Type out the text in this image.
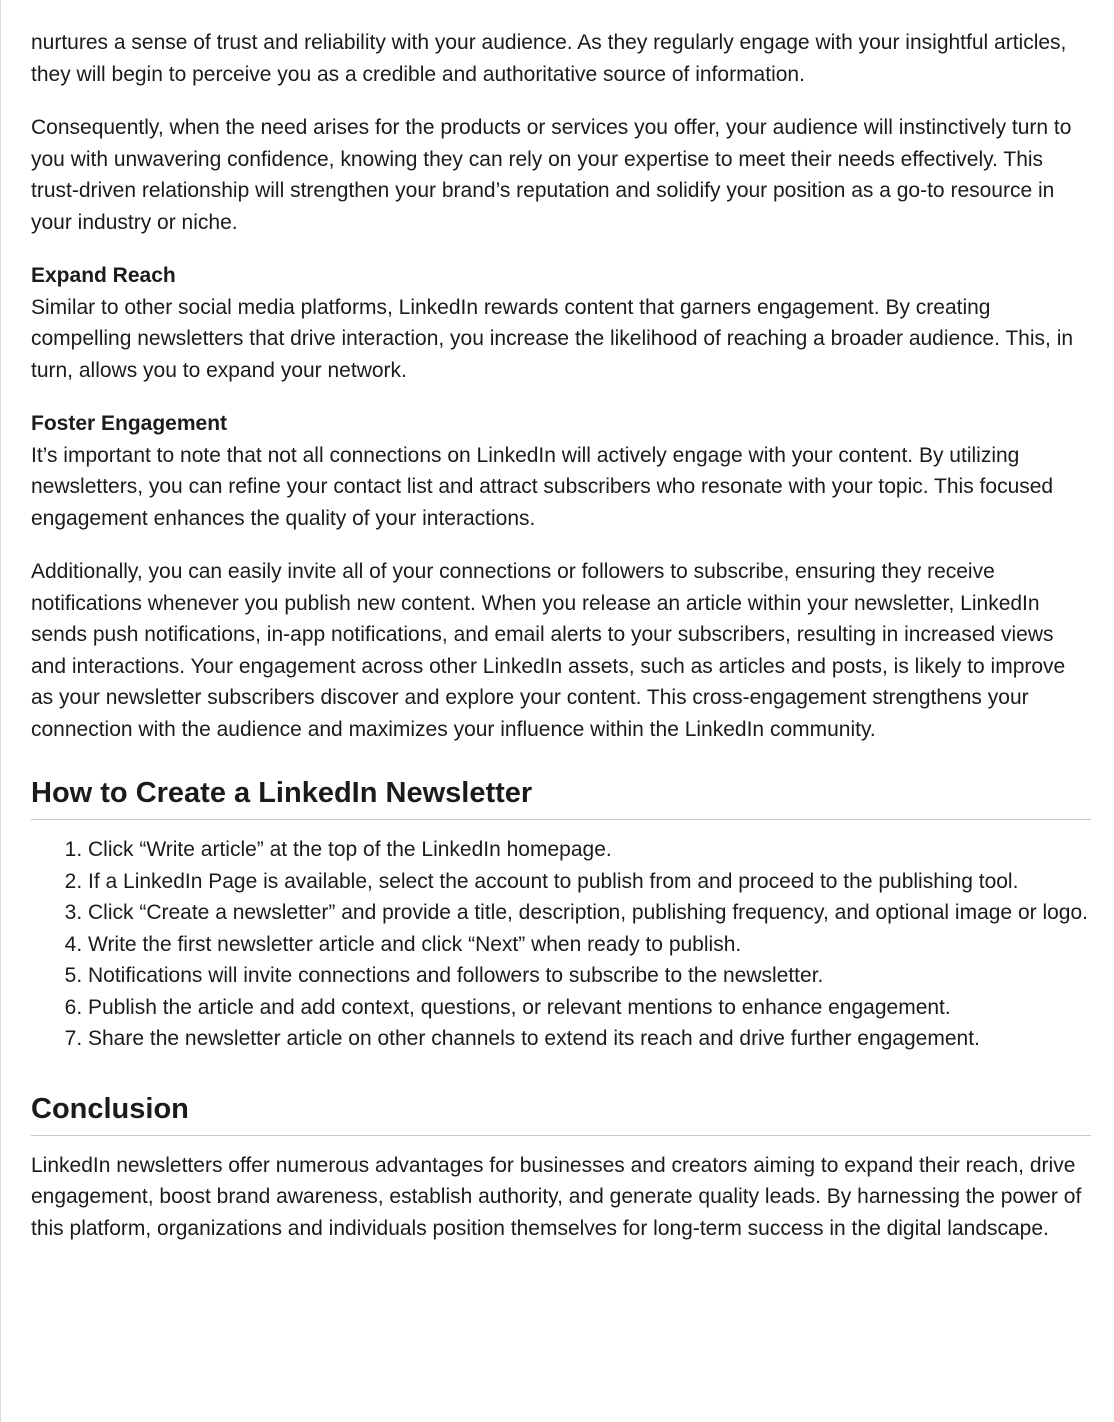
nurtures a sense of trust and reliability with your audience. As they regularly engage with your insightful articles, they will begin to perceive you as a credible and authoritative source of information.

Consequently, when the need arises for the products or services you offer, your audience will instinctively turn to you with unwavering confidence, knowing they can rely on your expertise to meet their needs effectively. This trust-driven relationship will strengthen your brand’s reputation and solidify your position as a go-to resource in your industry or niche.

Expand Reach
Similar to other social media platforms, LinkedIn rewards content that garners engagement. By creating compelling newsletters that drive interaction, you increase the likelihood of reaching a broader audience. This, in turn, allows you to expand your network.
Foster Engagement
It’s important to note that not all connections on LinkedIn will actively engage with your content. By utilizing newsletters, you can refine your contact list and attract subscribers who resonate with your topic. This focused engagement enhances the quality of your interactions.

Additionally, you can easily invite all of your connections or followers to subscribe, ensuring they receive notifications whenever you publish new content. When you release an article within your newsletter, LinkedIn sends push notifications, in-app notifications, and email alerts to your subscribers, resulting in increased views and interactions. Your engagement across other LinkedIn assets, such as articles and posts, is likely to improve as your newsletter subscribers discover and explore your content. This cross-engagement strengthens your connection with the audience and maximizes your influence within the LinkedIn community.

How to Create a LinkedIn Newsletter
1. Click “Write article” at the top of the LinkedIn homepage.
2. If a LinkedIn Page is available, select the account to publish from and proceed to the publishing tool.
3. Click “Create a newsletter” and provide a title, description, publishing frequency, and optional image or logo.
4. Write the first newsletter article and click “Next” when ready to publish.
5. Notifications will invite connections and followers to subscribe to the newsletter.
6. Publish the article and add context, questions, or relevant mentions to enhance engagement.
7. Share the newsletter article on other channels to extend its reach and drive further engagement.
Conclusion

LinkedIn newsletters offer numerous advantages for businesses and creators aiming to expand their reach, drive engagement, boost brand awareness, establish authority, and generate quality leads. By harnessing the power of this platform, organizations and individuals position themselves for long-term success in the digital landscape.
